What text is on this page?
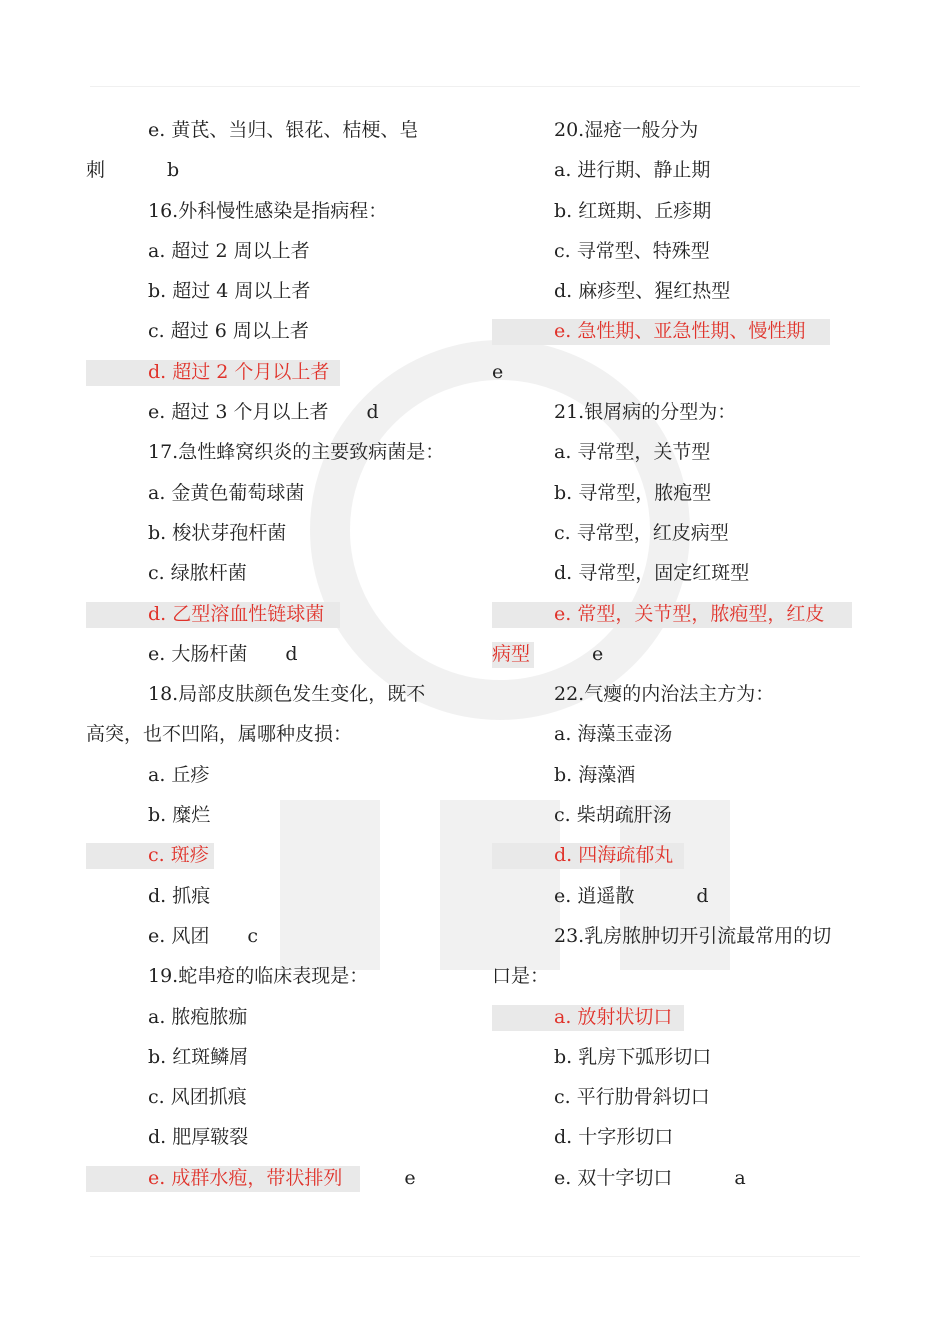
e. 黄芪、当归、银花、桔梗、皂
刺	b
16.外科慢性感染是指病程：
a. 超过 2 周以上者
b. 超过 4 周以上者
c. 超过 6 周以上者
d. 超过 2 个月以上者
e. 超过 3 个月以上者 d
17.急性蜂窝织炎的主要致病菌是：
a. 金黄色葡萄球菌
b. 梭状芽孢杆菌
c. 绿脓杆菌
d. 乙型溶血性链球菌
e. 大肠杆菌 d
18.局部皮肤颜色发生变化，既不
高突，也不凹陷，属哪种皮损：
a. 丘疹
b. 糜烂
c. 斑疹
d. 抓痕
e. 风团 c
19.蛇串疮的临床表现是：
a. 脓疱脓痂
b. 红斑鳞屑
c. 风团抓痕
d. 肥厚皲裂
e. 成群水疱，带状排列	e
20.湿疮一般分为
a. 进行期、静止期
b. 红斑期、丘疹期
c. 寻常型、特殊型
d. 麻疹型、猩红热型
e. 急性期、亚急性期、慢性期
e
21.银屑病的分型为：
a. 寻常型，关节型
b. 寻常型，脓疱型
c. 寻常型，红皮病型
d. 寻常型，固定红斑型
e. 常型，关节型，脓疱型，红皮
病型	e
22.气瘿的内治法主方为：
a. 海藻玉壶汤
b. 海藻酒
c. 柴胡疏肝汤
d. 四海疏郁丸
e. 逍遥散	d
23.乳房脓肿切开引流最常用的切
口是：
a. 放射状切口
b. 乳房下弧形切口
c. 平行肋骨斜切口
d. 十字形切口
e. 双十字切口	a
